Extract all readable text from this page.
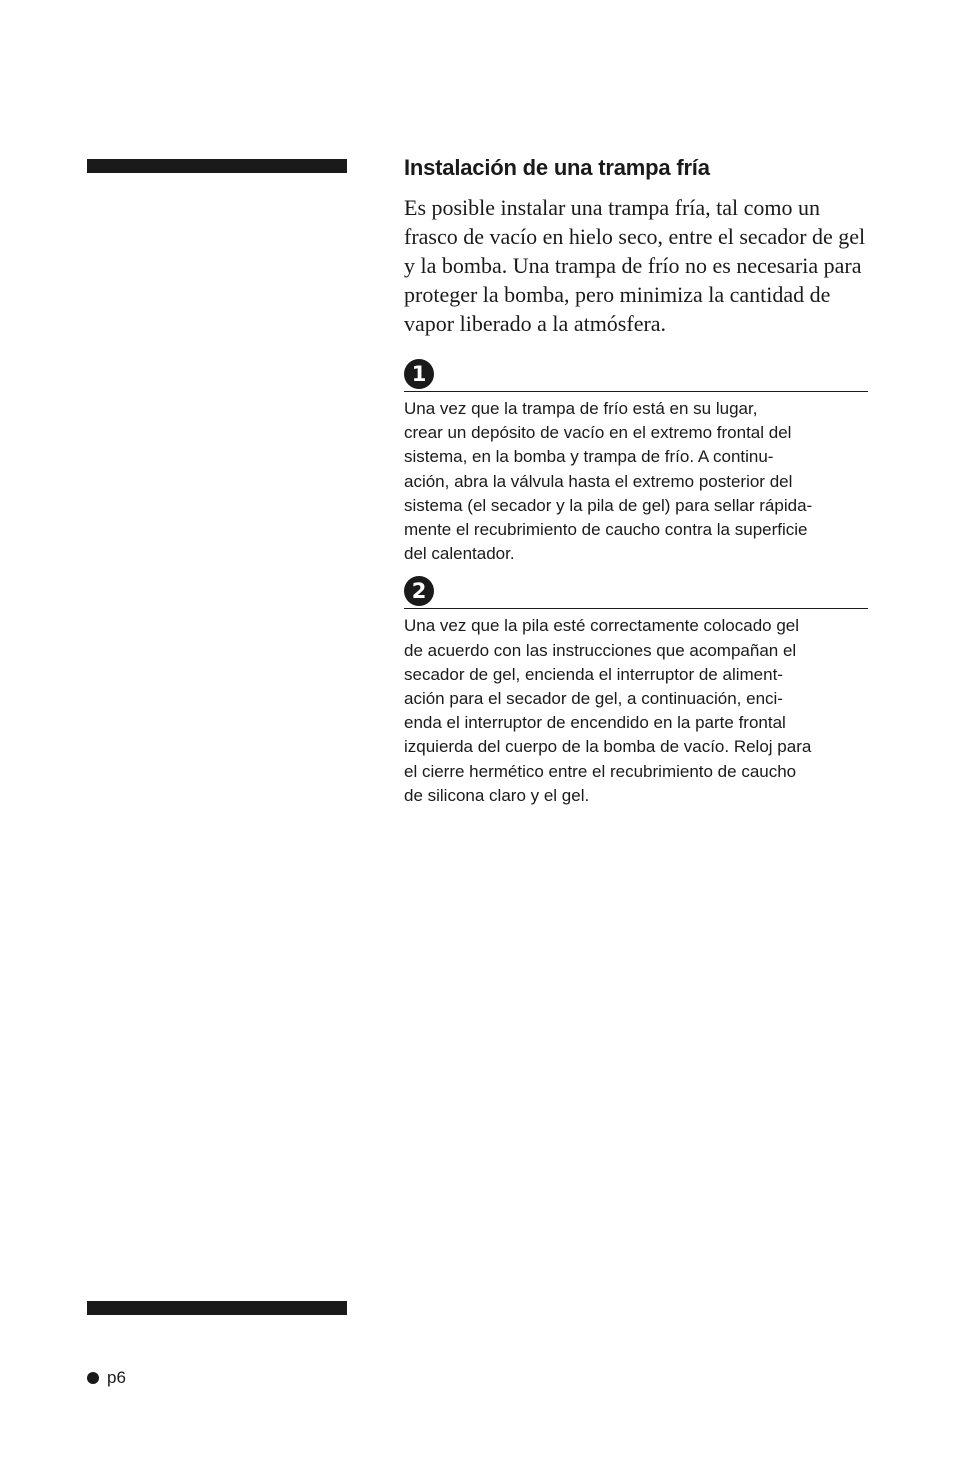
Instalación de una trampa fría

Es posible instalar una trampa fría, tal como un frasco de vacío en hielo seco, entre el secador de gel y la bomba. Una trampa de frío no es necesaria para proteger la bomba, pero minimiza la cantidad de vapor liberado a la atmósfera.

1

Una vez que la trampa de frío está en su lugar,
crear un depósito de vacío en el extremo frontal del
sistema, en la bomba y trampa de frío. A continu-
ación, abra la válvula hasta el extremo posterior del
sistema (el secador y la pila de gel) para sellar rápida-
mente el recubrimiento de caucho contra la superficie
del calentador.

2

Una vez que la pila esté correctamente colocado gel
de acuerdo con las instrucciones que acompañan el
secador de gel, encienda el interruptor de aliment-
ación para el secador de gel, a continuación, enci-
enda el interruptor de encendido en la parte frontal
izquierda del cuerpo de la bomba de vacío. Reloj para
el cierre hermético entre el recubrimiento de caucho
de silicona claro y el gel.

p6
